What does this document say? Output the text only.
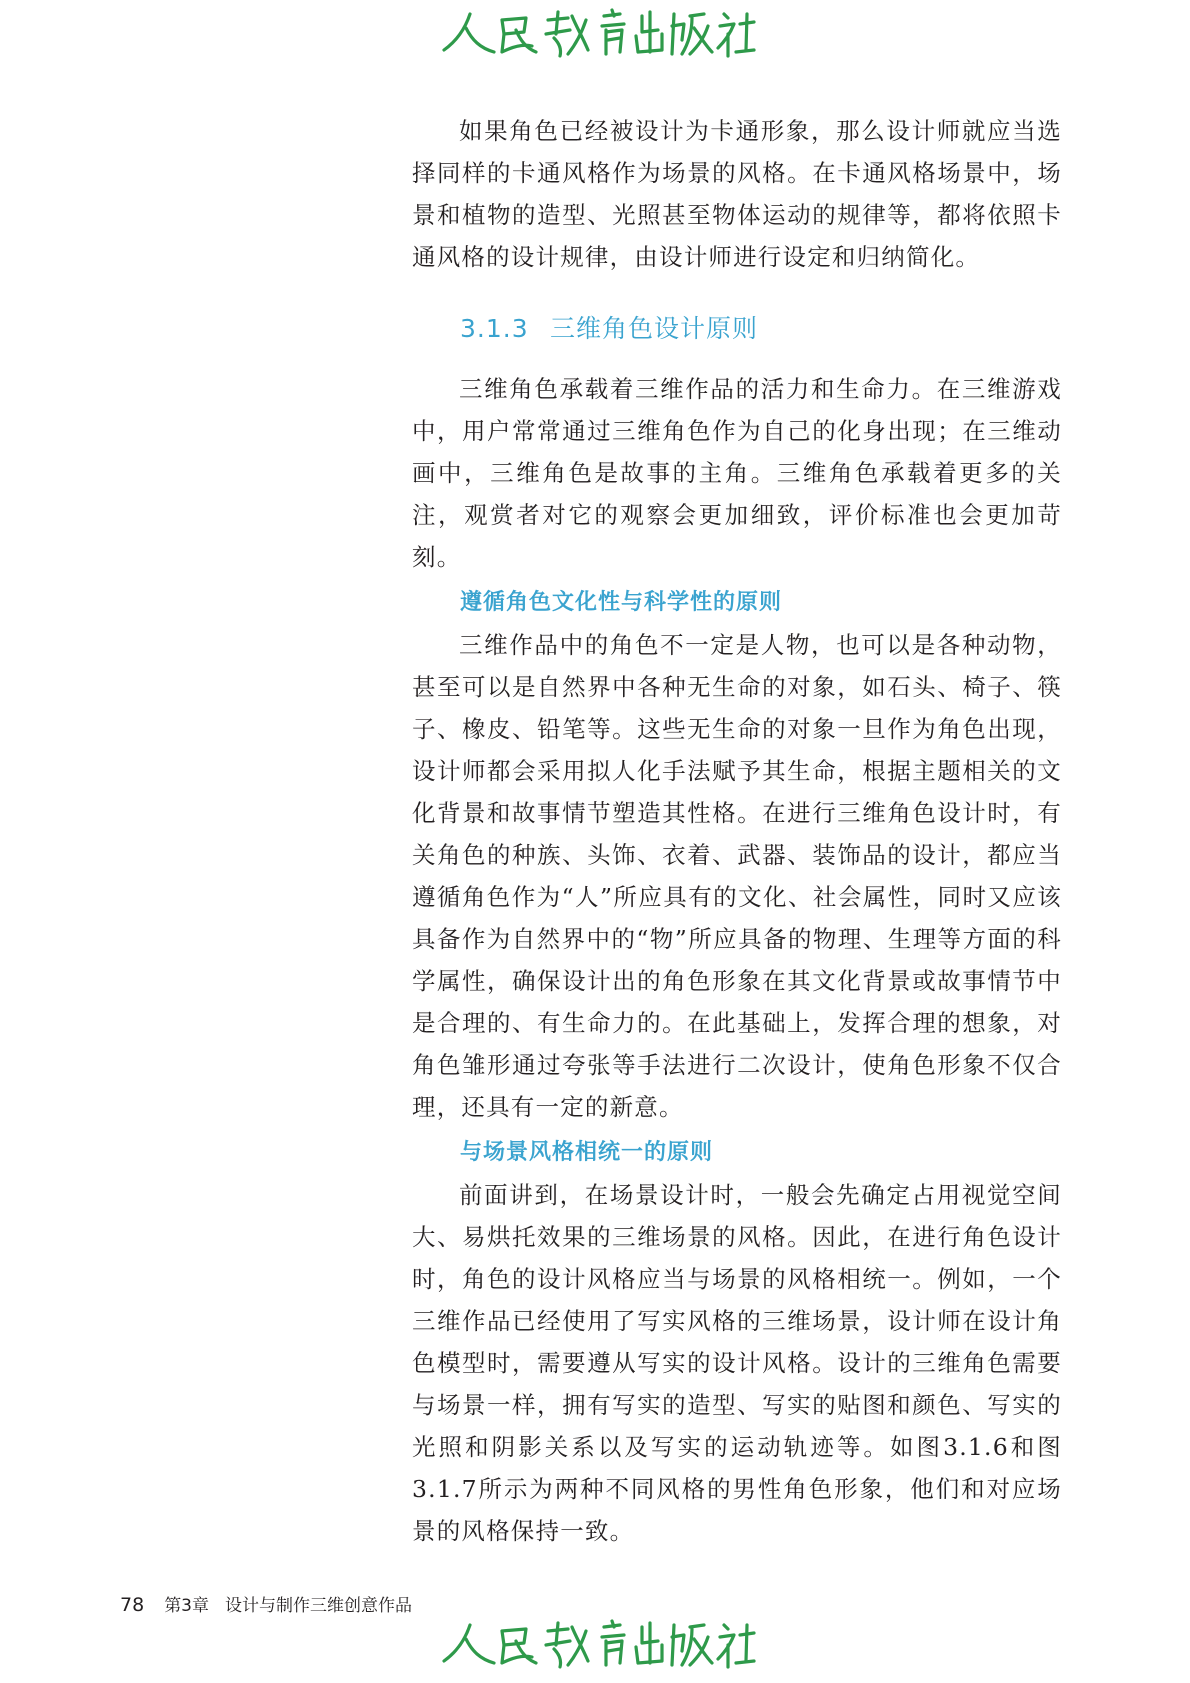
如果角色已经被设计为卡通形象，那么设计师就应当选择同样的卡通风格作为场景的风格。在卡通风格场景中，场景和植物的造型、光照甚至物体运动的规律等，都将依照卡通风格的设计规律，由设计师进行设定和归纳简化。

3.1.3 三维角色设计原则

三维角色承载着三维作品的活力和生命力。在三维游戏中，用户常常通过三维角色作为自己的化身出现；在三维动画中，三维角色是故事的主角。三维角色承载着更多的关注，观赏者对它的观察会更加细致，评价标准也会更加苛刻。

遵循角色文化性与科学性的原则

三维作品中的角色不一定是人物，也可以是各种动物，甚至可以是自然界中各种无生命的对象，如石头、椅子、筷子、橡皮、铅笔等。这些无生命的对象一旦作为角色出现，设计师都会采用拟人化手法赋予其生命，根据主题相关的文化背景和故事情节塑造其性格。在进行三维角色设计时，有关角色的种族、头饰、衣着、武器、装饰品的设计，都应当遵循角色作为“人”所应具有的文化、社会属性，同时又应该具备作为自然界中的“物”所应具备的物理、生理等方面的科学属性，确保设计出的角色形象在其文化背景或故事情节中是合理的、有生命力的。在此基础上，发挥合理的想象，对角色雏形通过夸张等手法进行二次设计，使角色形象不仅合理，还具有一定的新意。

与场景风格相统一的原则

前面讲到，在场景设计时，一般会先确定占用视觉空间大、易烘托效果的三维场景的风格。因此，在进行角色设计时，角色的设计风格应当与场景的风格相统一。例如，一个三维作品已经使用了写实风格的三维场景，设计师在设计角色模型时，需要遵从写实的设计风格。设计的三维角色需要与场景一样，拥有写实的造型、写实的贴图和颜色、写实的光照和阴影关系以及写实的运动轨迹等。如图3.1.6和图3.1.7所示为两种不同风格的男性角色形象，他们和对应场景的风格保持一致。

78 第3章 设计与制作三维创意作品
